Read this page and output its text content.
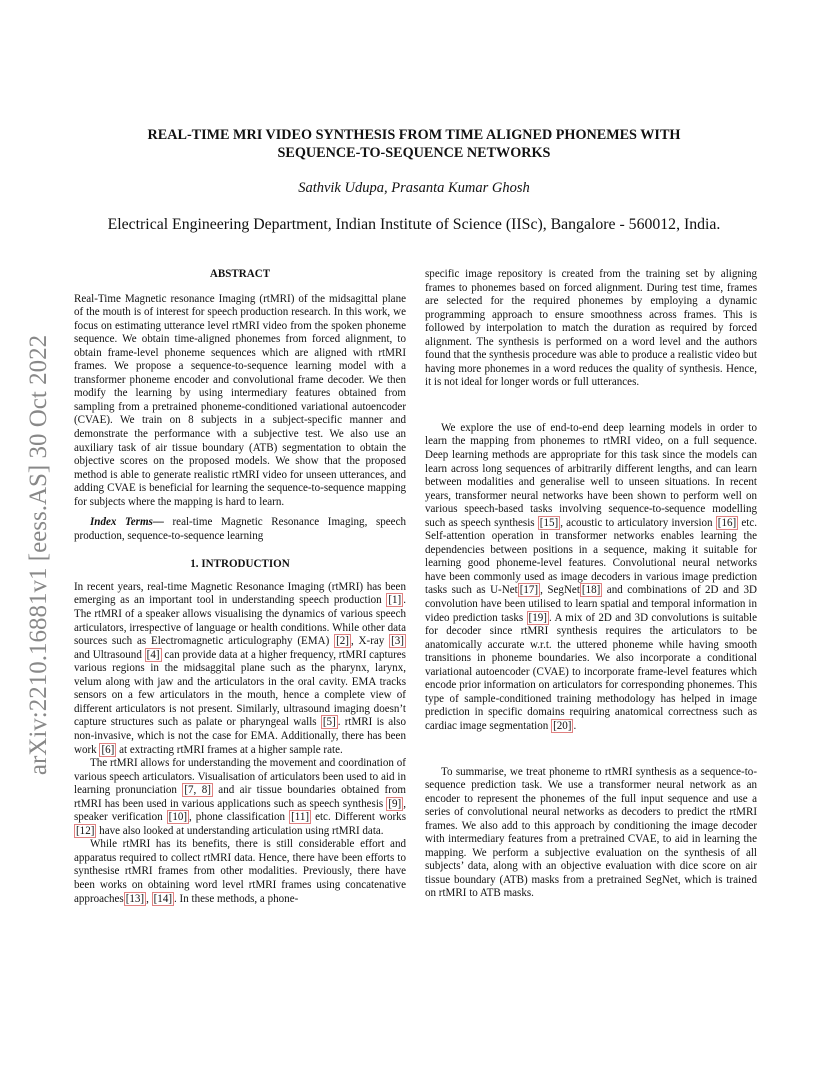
REAL-TIME MRI VIDEO SYNTHESIS FROM TIME ALIGNED PHONEMES WITH
SEQUENCE-TO-SEQUENCE NETWORKS
Sathvik Udupa, Prasanta Kumar Ghosh
Electrical Engineering Department, Indian Institute of Science (IISc), Bangalore - 560012, India.
arXiv:2210.16881v1 [eess.AS] 30 Oct 2022
ABSTRACT

Real-Time Magnetic resonance Imaging (rtMRI) of the midsagittal plane of the mouth is of interest for speech production research. In this work, we focus on estimating utterance level rtMRI video from the spoken phoneme sequence. We obtain time-aligned phonemes from forced alignment, to obtain frame-level phoneme sequences which are aligned with rtMRI frames. We propose a sequence-to-sequence learning model with a transformer phoneme encoder and convolutional frame decoder. We then modify the learning by using intermediary features obtained from sampling from a pretrained phoneme-conditioned variational autoencoder (CVAE). We train on 8 subjects in a subject-specific manner and demonstrate the performance with a subjective test. We also use an auxiliary task of air tissue boundary (ATB) segmentation to obtain the objective scores on the proposed models. We show that the proposed method is able to generate realistic rtMRI video for unseen utterances, and adding CVAE is beneficial for learning the sequence-to-sequence mapping for subjects where the mapping is hard to learn.

Index Terms— real-time Magnetic Resonance Imaging, speech production, sequence-to-sequence learning

1. INTRODUCTION

In recent years, real-time Magnetic Resonance Imaging (rtMRI) has been emerging as an important tool in understanding speech production [1] . The rtMRI of a speaker allows visualising the dynamics of various speech articulators, irrespective of language or health conditions. While other data sources such as Electromagnetic articulography (EMA) [2] , X-ray [3] and Ultrasound [4] can provide data at a higher frequency, rtMRI captures various regions in the midsaggital plane such as the pharynx, larynx, velum along with jaw and the articulators in the oral cavity. EMA tracks sensors on a few articulators in the mouth, hence a complete view of different articulators is not present. Similarly, ultrasound imaging doesn’t capture structures such as palate or pharyngeal walls [5] . rtMRI is also non-invasive, which is not the case for EMA. Additionally, there has been work [6] at extracting rtMRI frames at a higher sample rate.

The rtMRI allows for understanding the movement and coordination of various speech articulators. Visualisation of articulators been used to aid in learning pronunciation [7, 8] and air tissue boundaries obtained from rtMRI has been used in various applications such as speech synthesis [9] , speaker verification [10] , phone classification [11] etc. Different works [12] have also looked at understanding articulation using rtMRI data.

While rtMRI has its benefits, there is still considerable effort and apparatus required to collect rtMRI data. Hence, there have been efforts to synthesise rtMRI frames from other modalities. Previously, there have been works on obtaining word level rtMRI frames using concatenative approaches [13] , [14] . In these methods, a phone-

specific image repository is created from the training set by aligning frames to phonemes based on forced alignment. During test time, frames are selected for the required phonemes by employing a dynamic programming approach to ensure smoothness across frames. This is followed by interpolation to match the duration as required by forced alignment. The synthesis is performed on a word level and the authors found that the synthesis procedure was able to produce a realistic video but having more phonemes in a word reduces the quality of synthesis. Hence, it is not ideal for longer words or full utterances.

We explore the use of end-to-end deep learning models in order to learn the mapping from phonemes to rtMRI video, on a full sequence. Deep learning methods are appropriate for this task since the models can learn across long sequences of arbitrarily different lengths, and can learn between modalities and generalise well to unseen situations. In recent years, transformer neural networks have been shown to perform well on various speech-based tasks involving sequence-to-sequence modelling such as speech synthesis [15] , acoustic to articulatory inversion [16] etc. Self-attention operation in transformer networks enables learning the dependencies between positions in a sequence, making it suitable for learning good phoneme-level features. Convolutional neural networks have been commonly used as image decoders in various image prediction tasks such as U-Net [17] , SegNet [18] and combinations of 2D and 3D convolution have been utilised to learn spatial and temporal information in video prediction tasks [19] . A mix of 2D and 3D convolutions is suitable for decoder since rtMRI synthesis requires the articulators to be anatomically accurate w.r.t. the uttered phoneme while having smooth transitions in phoneme boundaries. We also incorporate a conditional variational autoencoder (CVAE) to incorporate frame-level features which encode prior information on articulators for corresponding phonemes. This type of sample-conditioned training methodology has helped in image prediction in specific domains requiring anatomical correctness such as cardiac image segmentation [20] .

To summarise, we treat phoneme to rtMRI synthesis as a sequence-to-sequence prediction task. We use a transformer neural network as an encoder to represent the phonemes of the full input sequence and use a series of convolutional neural networks as decoders to predict the rtMRI frames. We also add to this approach by conditioning the image decoder with intermediary features from a pretrained CVAE, to aid in learning the mapping. We perform a subjective evaluation on the synthesis of all subjects’ data, along with an objective evaluation with dice score on air tissue boundary (ATB) masks from a pretrained SegNet, which is trained on rtMRI to ATB masks.
